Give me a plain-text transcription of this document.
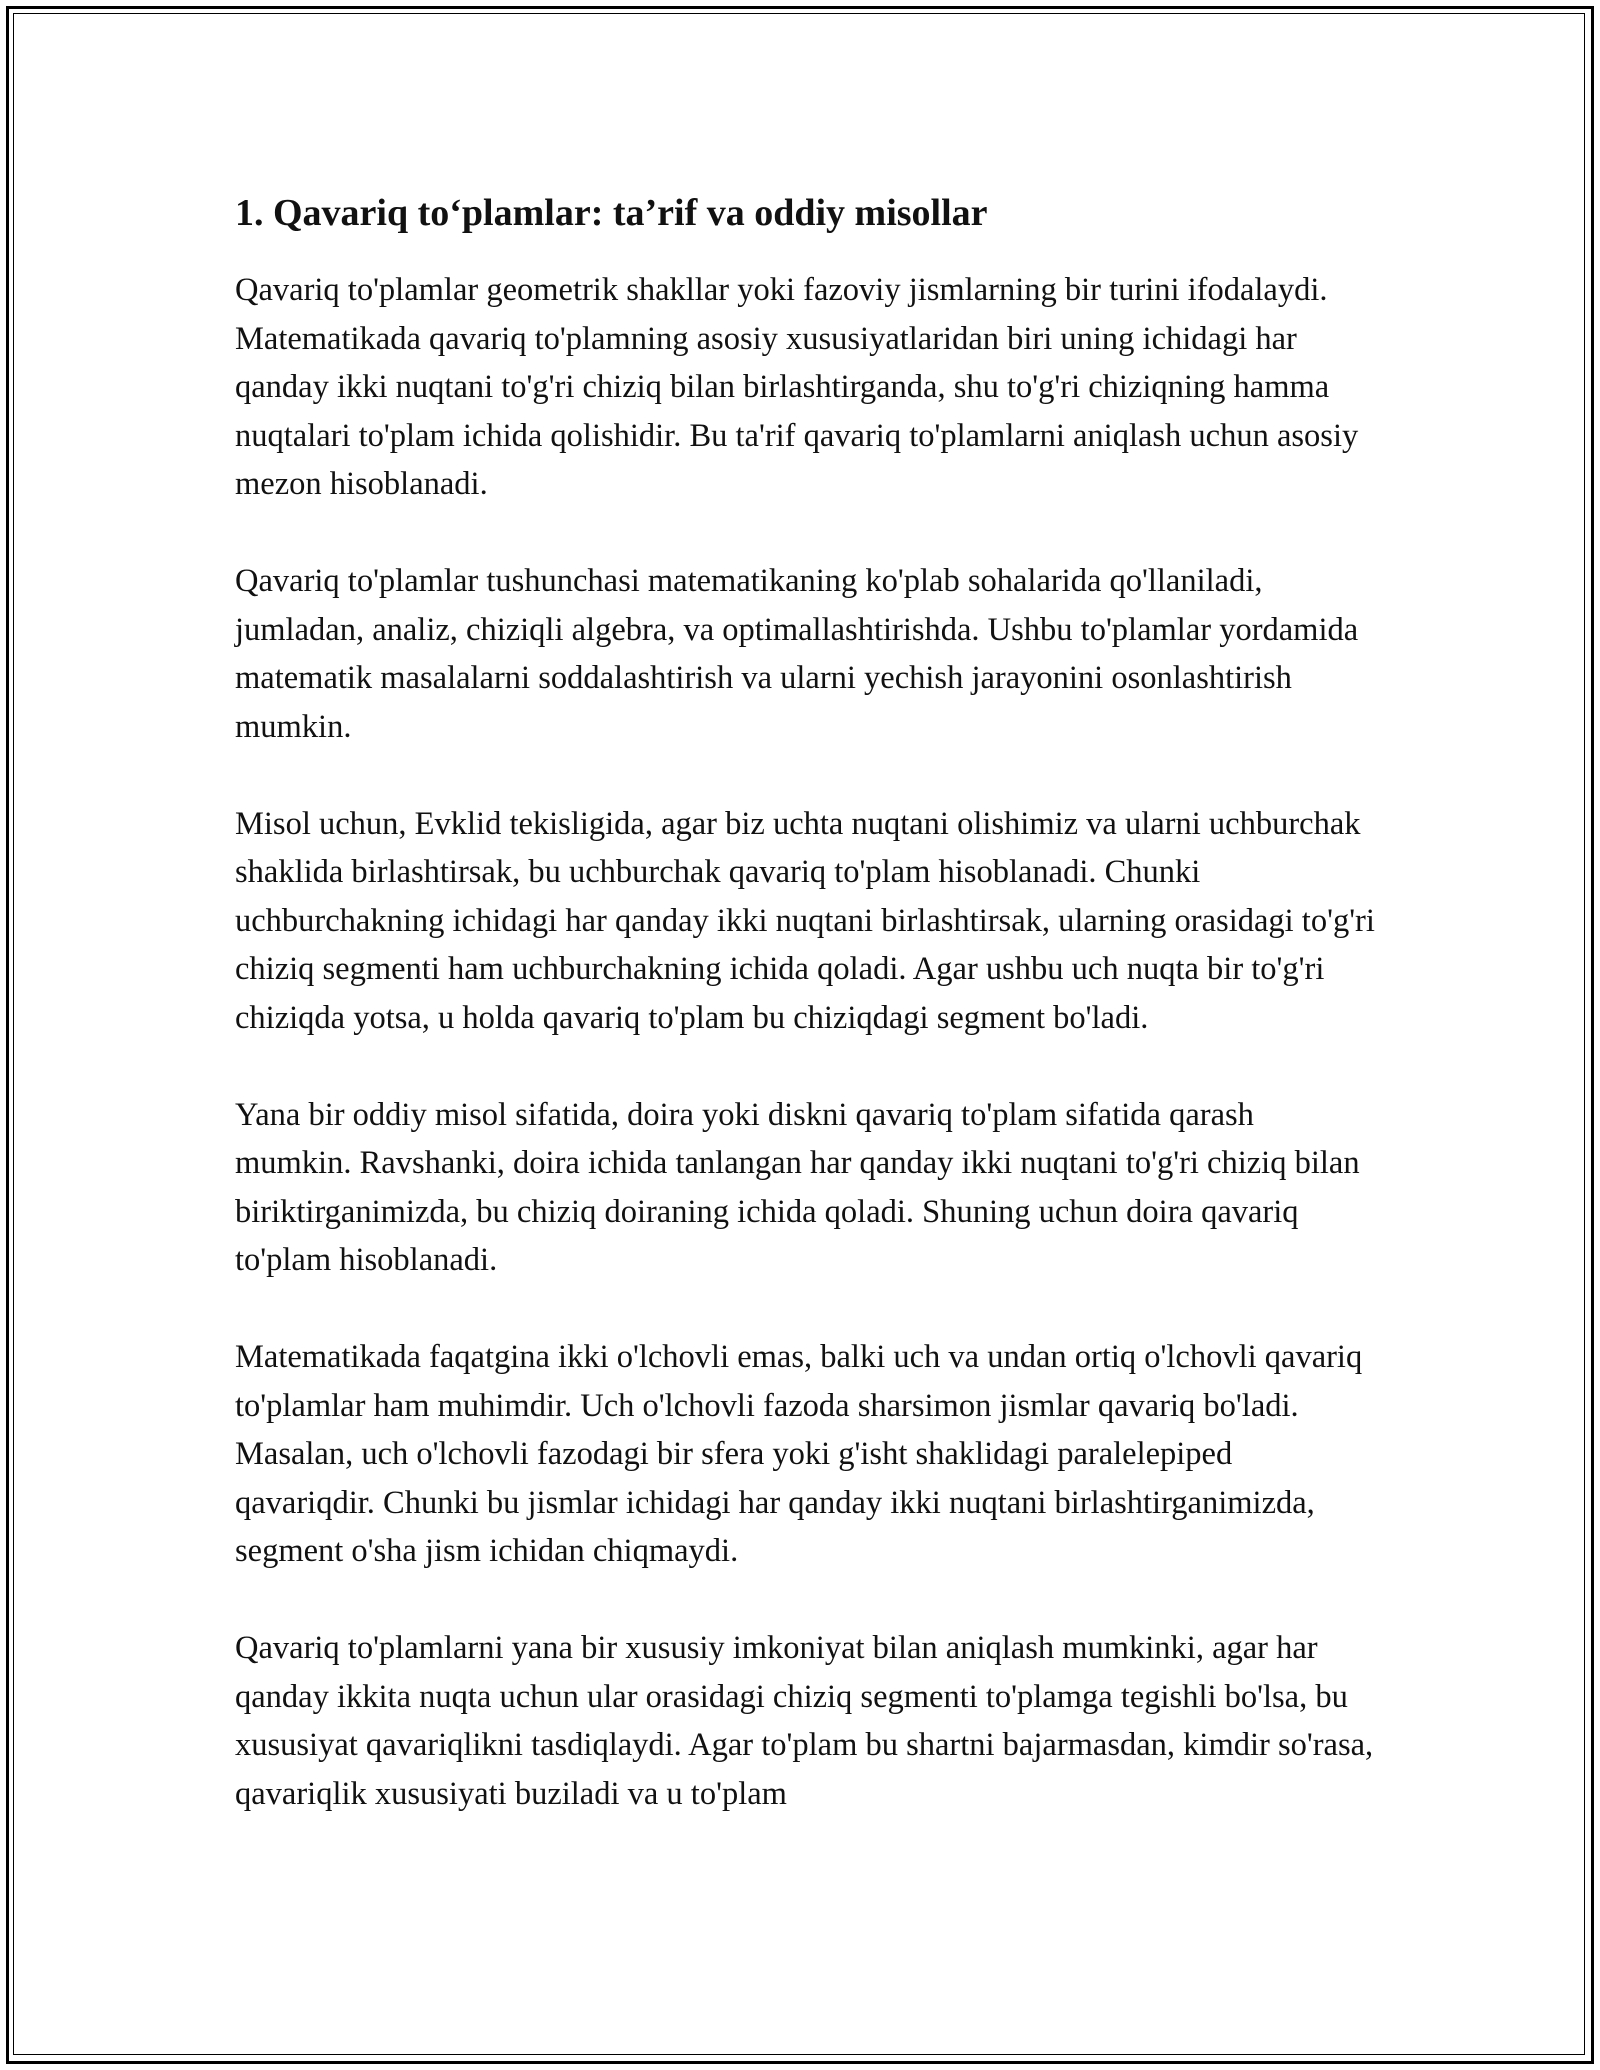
1. Qavariq to‘plamlar: ta’rif va oddiy misollar

Qavariq to'plamlar geometrik shakllar yoki fazoviy jismlarning bir turini ifodalaydi. Matematikada qavariq to'plamning asosiy xususiyatlaridan biri uning ichidagi har qanday ikki nuqtani to'g'ri chiziq bilan birlashtirganda, shu to'g'ri chiziqning hamma nuqtalari to'plam ichida qolishidir. Bu ta'rif qavariq to'plamlarni aniqlash uchun asosiy mezon hisoblanadi.

Qavariq to'plamlar tushunchasi matematikaning ko'plab sohalarida qo'llaniladi, jumladan, analiz, chiziqli algebra, va optimallashtirishda. Ushbu to'plamlar yordamida matematik masalalarni soddalashtirish va ularni yechish jarayonini osonlashtirish mumkin.

Misol uchun, Evklid tekisligida, agar biz uchta nuqtani olishimiz va ularni uchburchak shaklida birlashtirsak, bu uchburchak qavariq to'plam hisoblanadi. Chunki uchburchakning ichidagi har qanday ikki nuqtani birlashtirsak, ularning orasidagi to'g'ri chiziq segmenti ham uchburchakning ichida qoladi. Agar ushbu uch nuqta bir to'g'ri chiziqda yotsa, u holda qavariq to'plam bu chiziqdagi segment bo'ladi.

Yana bir oddiy misol sifatida, doira yoki diskni qavariq to'plam sifatida qarash mumkin. Ravshanki, doira ichida tanlangan har qanday ikki nuqtani to'g'ri chiziq bilan biriktirganimizda, bu chiziq doiraning ichida qoladi. Shuning uchun doira qavariq to'plam hisoblanadi.

Matematikada faqatgina ikki o'lchovli emas, balki uch va undan ortiq o'lchovli qavariq to'plamlar ham muhimdir. Uch o'lchovli fazoda sharsimon jismlar qavariq bo'ladi. Masalan, uch o'lchovli fazodagi bir sfera yoki g'isht shaklidagi paralelepiped qavariqdir. Chunki bu jismlar ichidagi har qanday ikki nuqtani birlashtirganimizda, segment o'sha jism ichidan chiqmaydi.

Qavariq to'plamlarni yana bir xususiy imkoniyat bilan aniqlash mumkinki, agar har qanday ikkita nuqta uchun ular orasidagi chiziq segmenti to'plamga tegishli bo'lsa, bu xususiyat qavariqlikni tasdiqlaydi. Agar to'plam bu shartni bajarmasdan, kimdir so'rasa, qavariqlik xususiyati buziladi va u to'plam
